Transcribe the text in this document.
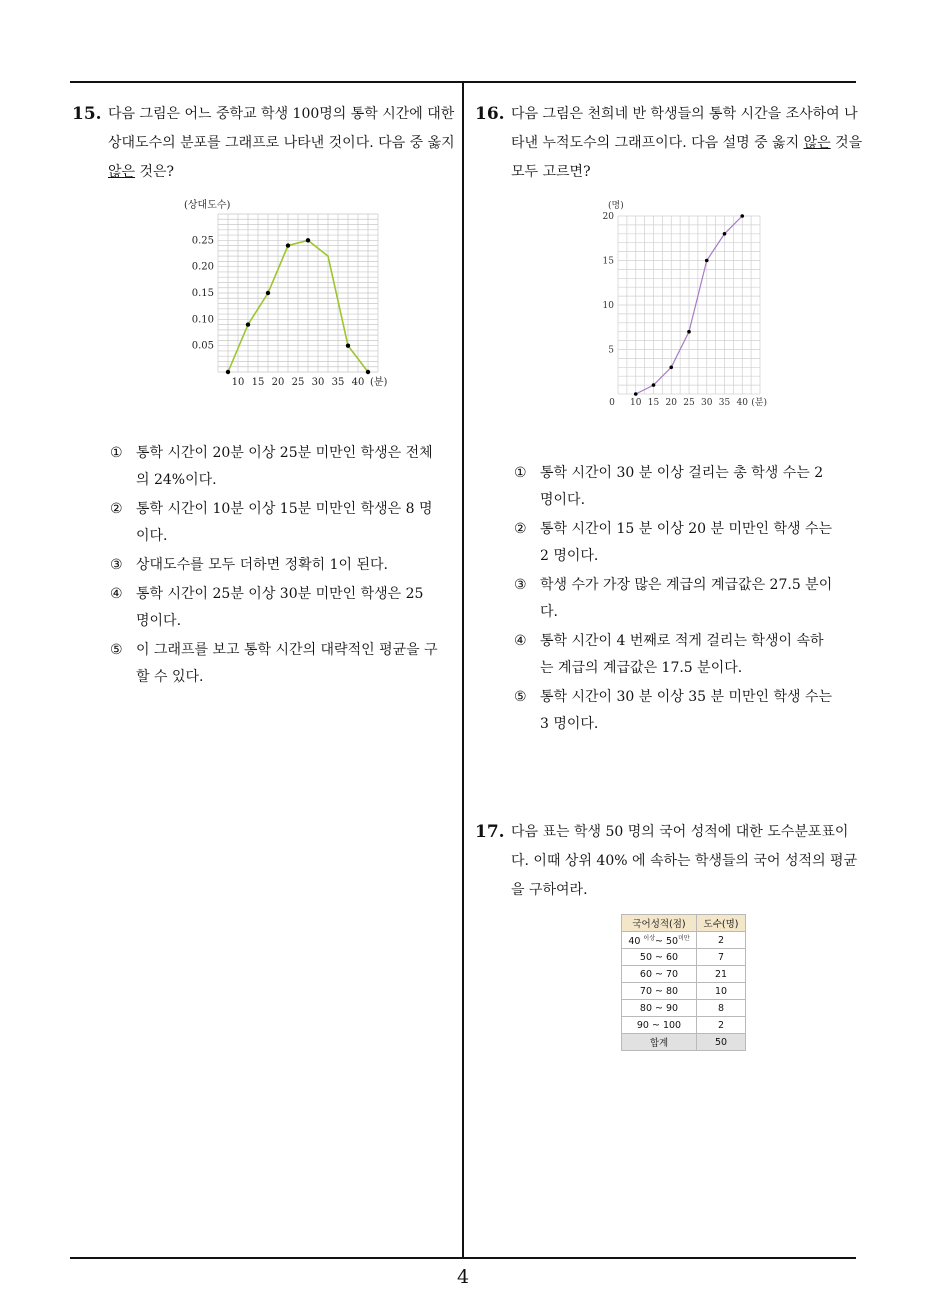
15. 다음 그림은 어느 중학교 학생 100명의 통학 시간에 대한 상대도수의 분포를 그래프로 나타낸 것이다. 다음 중 옳지 않은 것은?
0.05
0.10
0.15
0.20
0.25
10 15 20 25 30 35 40
(상대도수)
(분)
① 통학 시간이 20분 이상 25분 미만인 학생은 전체의 24%이다.
② 통학 시간이 10분 이상 15분 미만인 학생은 8 명이다.
③ 상대도수를 모두 더하면 정확히 1이 된다.
④ 통학 시간이 25분 이상 30분 미만인 학생은 25 명이다.
⑤ 이 그래프를 보고 통학 시간의 대략적인 평균을 구할 수 있다.
16. 다음 그림은 천희네 반 학생들의 통학 시간을 조사하여 나타낸 누적도수의 그래프이다. 다음 설명 중 옳지 않은 것을 모두 고르면?
5
10
15
20
0 10 15 20 25 30 35 40
(명)
(분)
① 통학 시간이 30 분 이상 걸리는 총 학생 수는 2 명이다.
② 통학 시간이 15 분 이상 20 분 미만인 학생 수는 2 명이다.
③ 학생 수가 가장 많은 계급의 계급값은 27.5 분이다.
④ 통학 시간이 4 번째로 적게 걸리는 학생이 속하는 계급의 계급값은 17.5 분이다.
⑤ 통학 시간이 30 분 이상 35 분 미만인 학생 수는 3 명이다.
17. 다음 표는 학생 50 명의 국어 성적에 대한 도수분포표이다. 이때 상위 40% 에 속하는 학생들의 국어 성적의 평균을 구하여라.
국어성적(점)	도수(명)
40 $^{이상}$~ $50^{미만}$	2
50 ~ 60	7
60 ~ 70	21
70 ~ 80	10
80 ~ 90	8
90 ~ 100	2
합계	50
4
